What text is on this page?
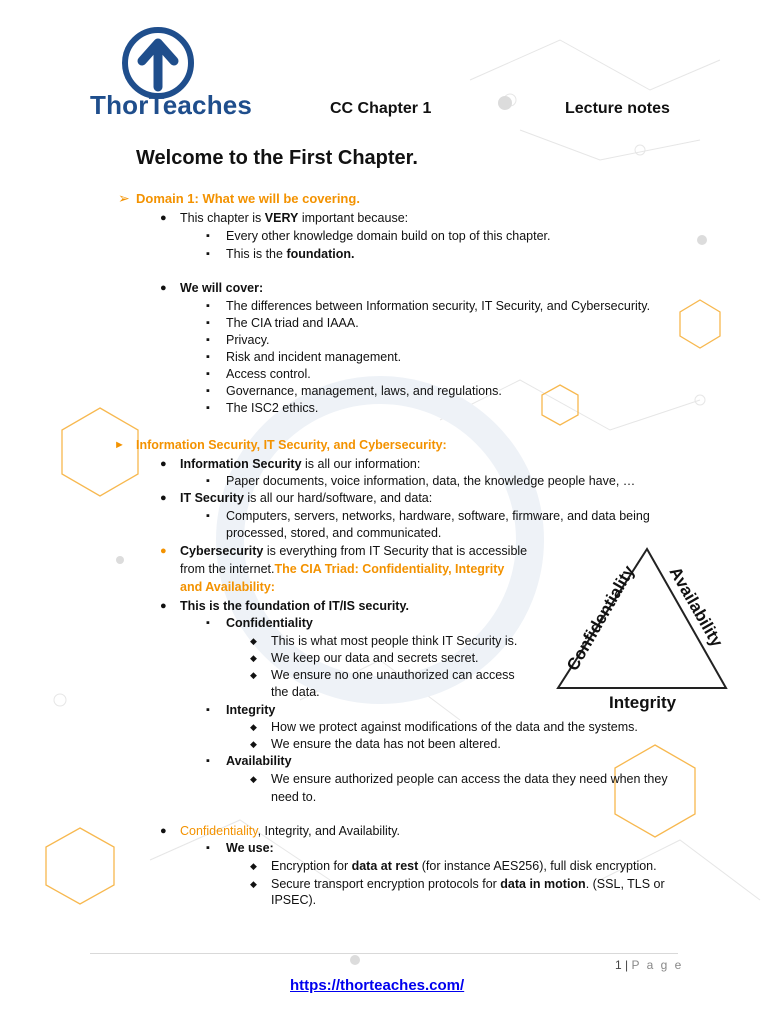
ThorTeaches	CC Chapter 1	Lecture notes
Welcome to the First Chapter.
➢ Domain 1: What we will be covering.
● This chapter is VERY important because:
▪ Every other knowledge domain build on top of this chapter.
▪ This is the foundation.
● We will cover:
▪ The differences between Information security, IT Security, and Cybersecurity.
▪ The CIA triad and IAAA.
▪ Privacy.
▪ Risk and incident management.
▪ Access control.
▪ Governance, management, laws, and regulations.
▪ The ISC2 ethics.
► Information Security, IT Security, and Cybersecurity:
● Information Security is all our information:
▪ Paper documents, voice information, data, the knowledge people have, …
● IT Security is all our hard/software, and data:
▪ Computers, servers, networks, hardware, software, firmware, and data being
processed, stored, and communicated.
● Cybersecurity is everything from IT Security that is accessible
from the internet.The CIA Triad: Confidentiality, Integrity
and Availability:
● This is the foundation of IT/IS security.
▪ Confidentiality
◆ This is what most people think IT Security is.
◆ We keep our data and secrets secret.
◆ We ensure no one unauthorized can access
the data.
▪ Integrity
◆ How we protect against modifications of the data and the systems.
◆ We ensure the data has not been altered.
▪ Availability
◆ We ensure authorized people can access the data they need when they
need to.
Confidentiality Availability
Integrity
● Confidentiality, Integrity, and Availability.
▪ We use:
◆ Encryption for data at rest (for instance AES256), full disk encryption.
◆ Secure transport encryption protocols for data in motion. (SSL, TLS or
IPSEC).
1 | P a g e
https://thorteaches.com/
